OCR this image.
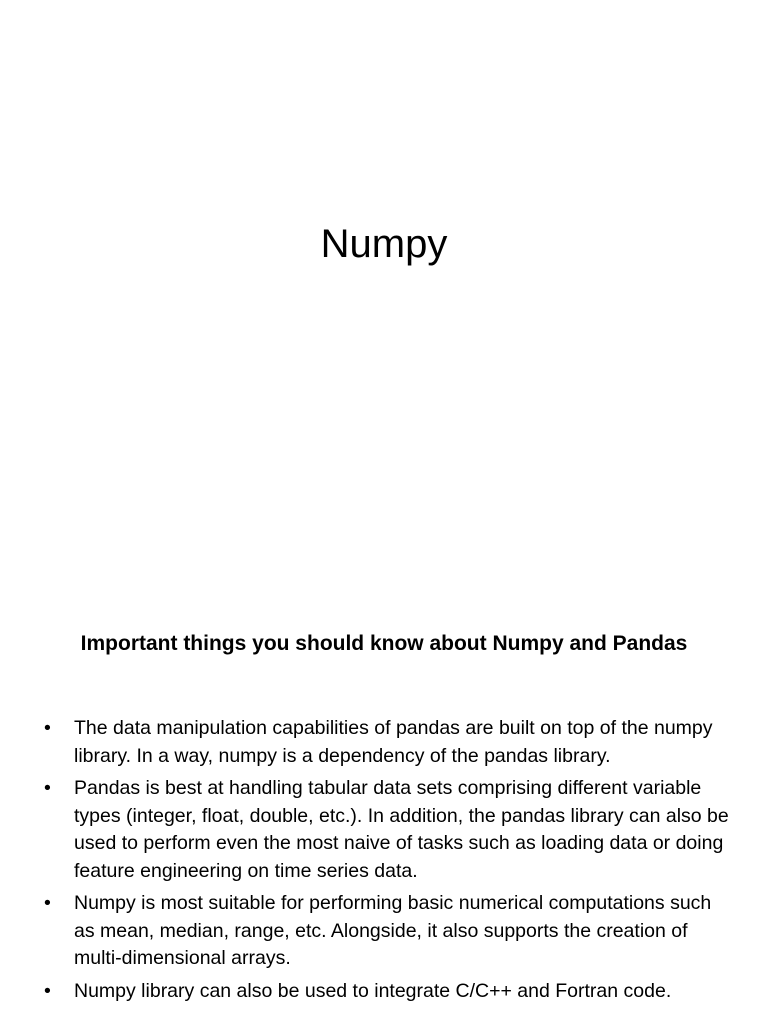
Numpy
Important things you should know about Numpy and Pandas
•	The data manipulation capabilities of pandas are built on top of the numpy library. In a way, numpy is a dependency of the pandas library.
•	Pandas is best at handling tabular data sets comprising different variable types (integer, float, double, etc.). In addition, the pandas library can also be used to perform even the most naive of tasks such as loading data or doing feature engineering on time series data.
•	Numpy is most suitable for performing basic numerical computations such as mean, median, range, etc. Alongside, it also supports the creation of multi-dimensional arrays.
•	Numpy library can also be used to integrate C/C++ and Fortran code.
